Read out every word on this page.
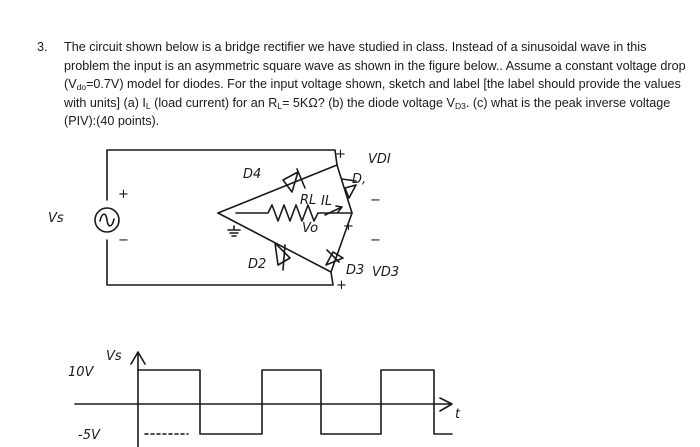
3. The circuit shown below is a bridge rectifier we have studied in class. Instead of a sinusoidal wave in this problem the input is an asymmetric square wave as shown in the figure below.. Assume a constant voltage drop $(V_{do}=0.7V)$ model for diodes. For the input voltage shown, sketch and label [the label should provide the values with units] (a) $I_L$ (load current) for an $R_L= 5K\Omega$? (b) the diode voltage $V_{D3}$. (c) what is the peak inverse voltage (PIV):(40 points).
Vs
+
−
D4
+ VDI
D,
−
RL IL
Vo +
−
D2	D3 VD3
+
10V
Vs
-5V
t
